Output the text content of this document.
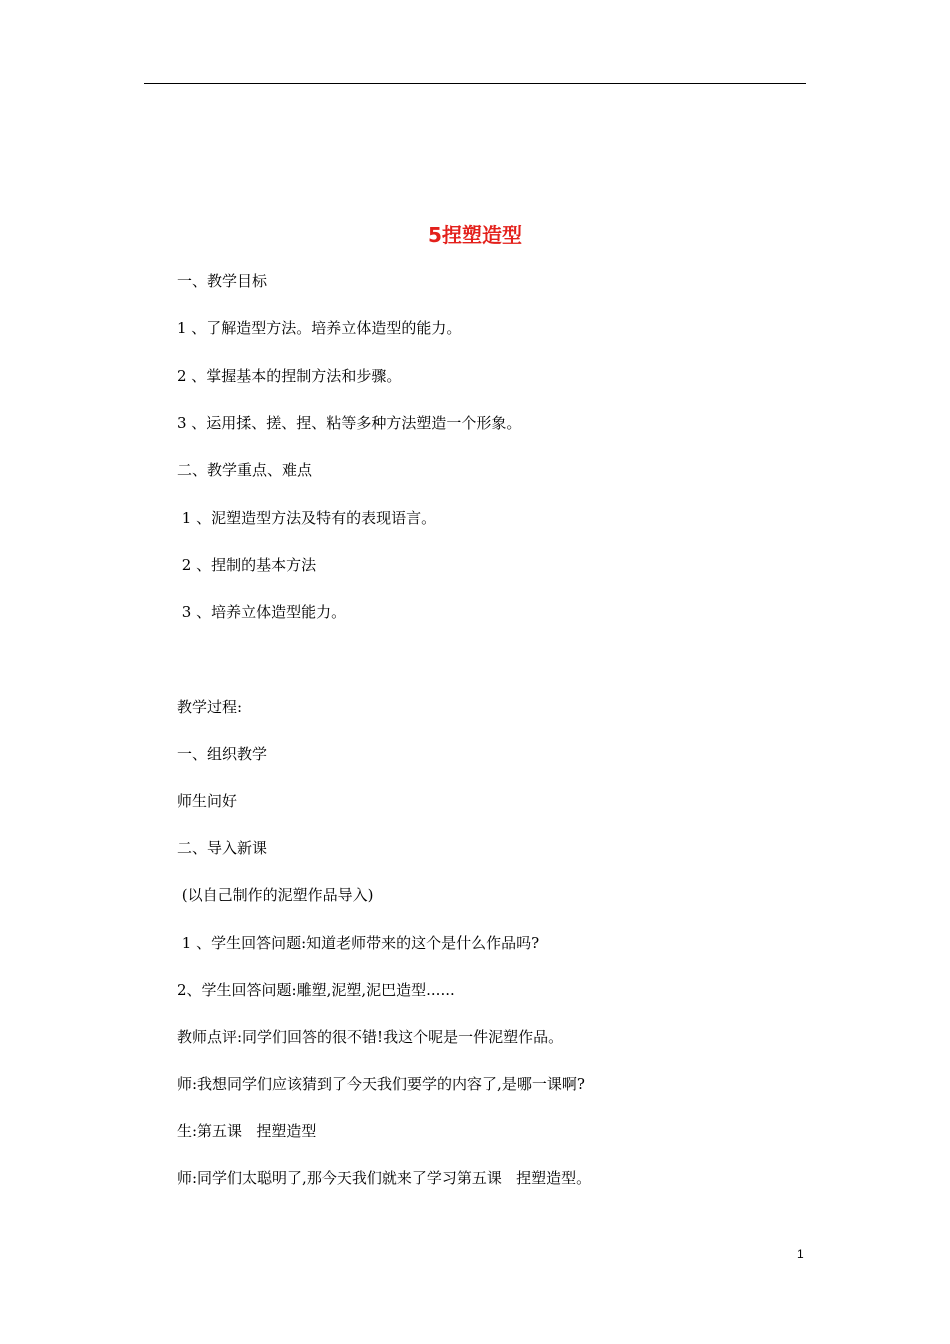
5捏塑造型
一、教学目标
1 、了解造型方法。培养立体造型的能力。
2 、掌握基本的捏制方法和步骤。
3 、运用揉、搓、捏、粘等多种方法塑造一个形象。
二、教学重点、难点
1 、泥塑造型方法及特有的表现语言。
2 、捏制的基本方法
3 、培养立体造型能力。
教学过程:
一、组织教学
师生问好
二、导入新课
(以自己制作的泥塑作品导入)
1 、学生回答问题:知道老师带来的这个是什么作品吗?
2、学生回答问题:雕塑,泥塑,泥巴造型......
教师点评:同学们回答的很不错!我这个呢是一件泥塑作品。
师:我想同学们应该猜到了今天我们要学的内容了,是哪一课啊?
生:第五课   捏塑造型
师:同学们太聪明了,那今天我们就来了学习第五课   捏塑造型。
1
